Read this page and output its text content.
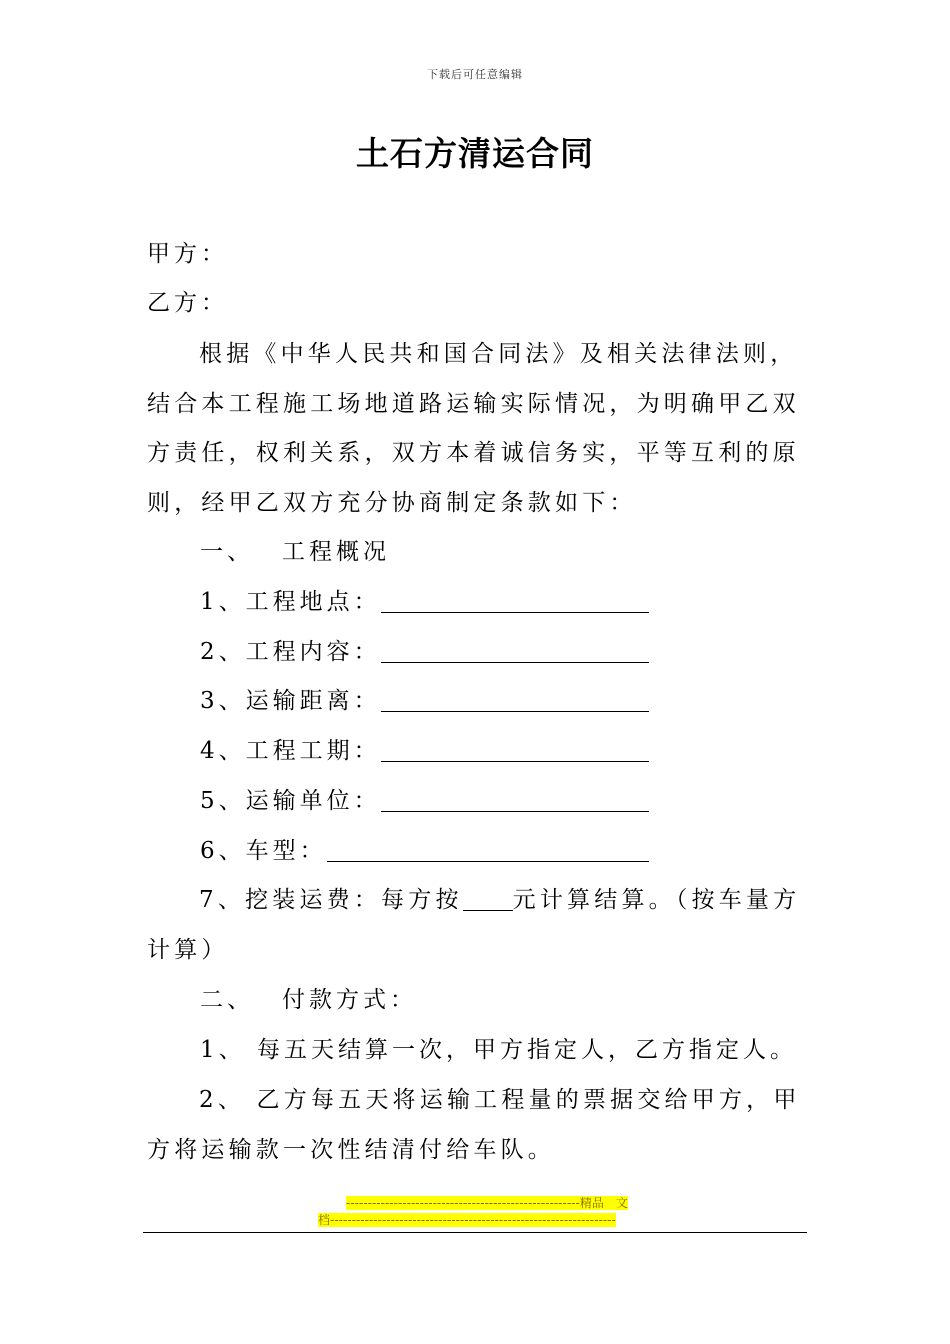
下载后可任意编辑
土石方清运合同
甲方：
乙方：
根据《中华人民共和国合同法》及相关法律法则，结合本工程施工场地道路运输实际情况，为明确甲乙双方责任，权利关系，双方本着诚信务实，平等互利的原则，经甲乙双方充分协商制定条款如下：
一、 工程概况
1、工程地点：
2、工程内容：
3、运输距离：
4、工程工期：
5、运输单位：
6、车型：
7、挖装运费：每方按 元计算结算。（按车量方计算）
二、 付款方式：
1、 每五天结算一次，甲方指定人，乙方指定人。
2、 乙方每五天将运输工程量的票据交给甲方，甲方将运输款一次性结清付给车队。
------------------------------------------------------精品　文
档------------------------------------------------------------------
